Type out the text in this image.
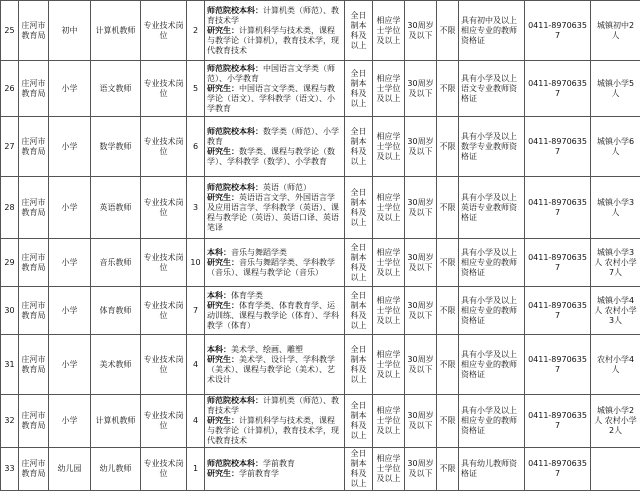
25	庄河市教育局	初中	计算机教师	专业技术岗位	2	师范院校本科：计算机类（师范）、教育技术学
研究生：计算机科学与技术类，课程与教学论（计算机），教育技术学，现代教育技术	全日制本科及以上	相应学士学位及以上	30周岁及以下	不限	具有初中及以上相应专业的教师资格证	0411-89706357	城镇初中2人
26	庄河市教育局	小学	语文教师	专业技术岗位	5	师范院校本科：中国语言文学类（师范）、小学教育
研究生：中国语言文学类、课程与教学论（语文）、学科教学（语文）、小学教育	全日制本科及以上	相应学士学位及以上	30周岁及以下	不限	具有小学及以上语文专业教师资格证	0411-89706357	城镇小学5人
27	庄河市教育局	小学	数学教师	专业技术岗位	6	师范院校本科：数学类（师范）、小学教育
研究生：数学类、课程与教学论（数学）、学科教学（数学）、小学教育	全日制本科及以上	相应学士学位及以上	30周岁及以下	不限	具有小学及以上数学专业教师资格证	0411-89706357	城镇小学6人
28	庄河市教育局	小学	英语教师	专业技术岗位	3	师范院校本科：英语（师范）
研究生：英语语言文学、外国语言学及应用语言学、学科教学（英语）、课程与教学论（英语）、英语口译、英语笔译	全日制本科及以上	相应学士学位及以上	30周岁及以下	不限	具有小学及以上英语专业教师资格证	0411-89706357	城镇小学3人
29	庄河市教育局	小学	音乐教师	专业技术岗位	10	本科：音乐与舞蹈学类
研究生：音乐与舞蹈学类、学科教学（音乐）、课程与教学论（音乐）	全日制本科及以上	相应学士学位及以上	30周岁及以下	不限	具有小学及以上相应专业的教师资格证	0411-89706357	城镇小学3人 农村小学7人
30	庄河市教育局	小学	体育教师	专业技术岗位	7	本科：体育学类
研究生：体育学类、体育教育学、运动训练、课程与教学论（体育）、学科教学（体育）	全日制本科及以上	相应学士学位及以上	30周岁及以下	不限	具有小学及以上相应专业的教师资格证	0411-89706357	城镇小学4人 农村小学3人
31	庄河市教育局	小学	美术教师	专业技术岗位	4	本科：美术学、绘画、雕塑
研究生：美术学、设计学、学科教学（美术）、课程与教学论（美术）、艺术设计	全日制本科及以上	相应学士学位及以上	30周岁及以下	不限	具有小学及以上相应专业的教师资格证	0411-89706357	农村小学4人
32	庄河市教育局	小学	计算机教师	专业技术岗位	4	师范院校本科：计算机类（师范）、教育技术学
研究生：计算机科学与技术类，课程与教学论（计算机），教育技术学，现代教育技术	全日制本科及以上	相应学士学位及以上	30周岁及以下	不限	具有小学及以上相应专业的教师资格证	0411-89706357	城镇小学2人 农村小学2人
33	庄河市教育局	幼儿园	幼儿教师	专业技术岗位	1	师范院校本科：学前教育
研究生：学前教育学	全日制本科及以上	相应学士学位及以上	30周岁及以下	不限	具有幼儿教师资格证	0411-89706357	
